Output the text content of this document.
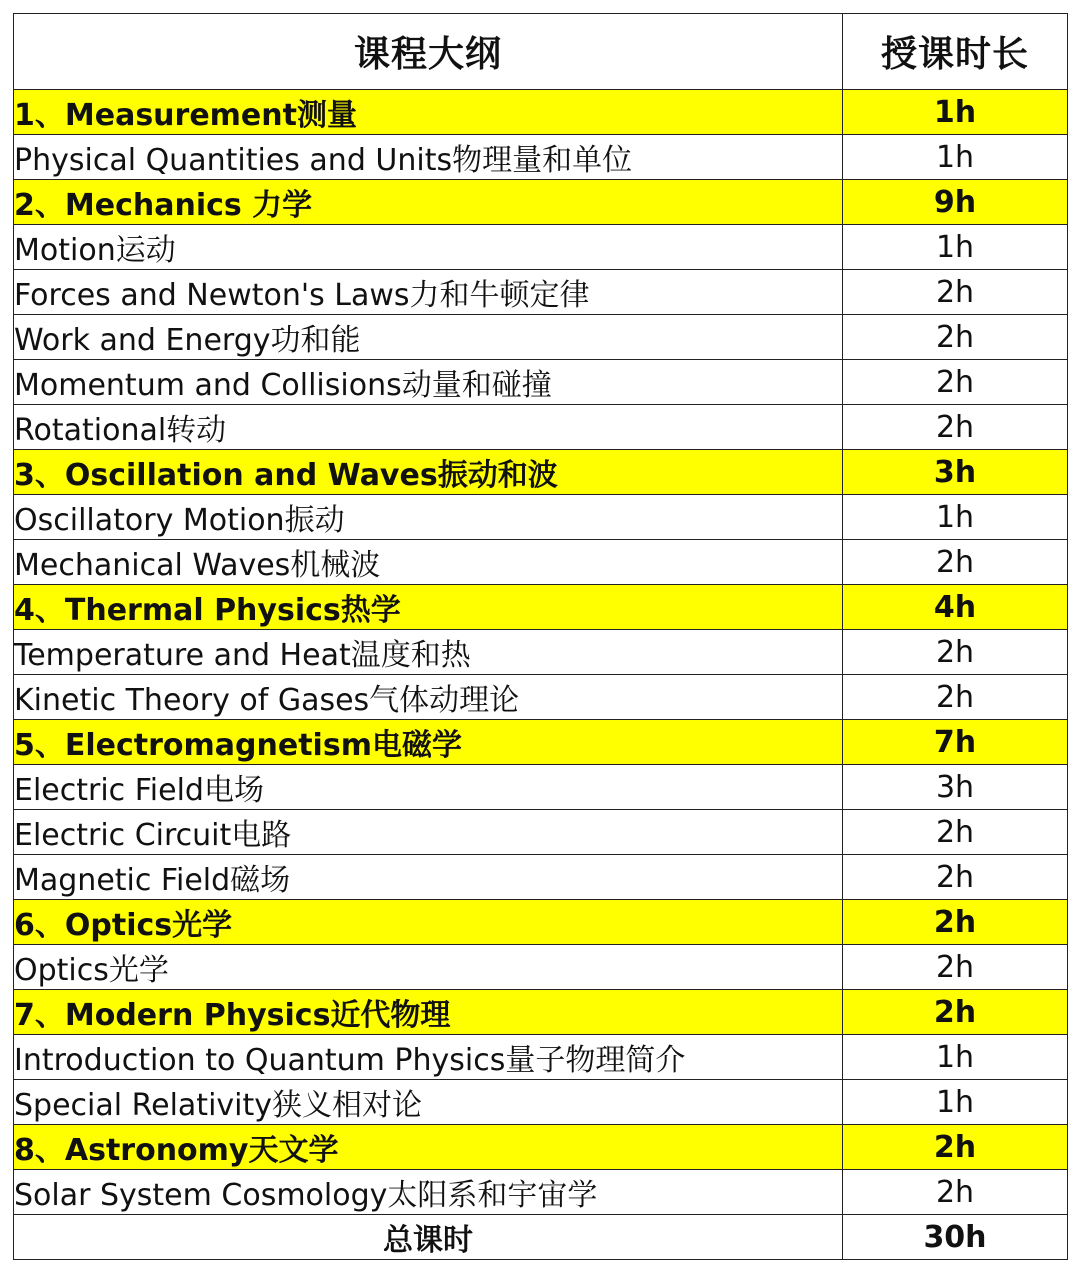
课程大纲	授课时长
1、Measurement测量	1h
Physical Quantities and Units物理量和单位	1h
2、Mechanics 力学	9h
Motion运动	1h
Forces and Newton's Laws力和牛顿定律	2h
Work and Energy功和能	2h
Momentum and Collisions动量和碰撞	2h
Rotational转动	2h
3、Oscillation and Waves振动和波	3h
Oscillatory Motion振动	1h
Mechanical Waves机械波	2h
4、Thermal Physics热学	4h
Temperature and Heat温度和热	2h
Kinetic Theory of Gases气体动理论	2h
5、Electromagnetism电磁学	7h
Electric Field电场	3h
Electric Circuit电路	2h
Magnetic Field磁场	2h
6、Optics光学	2h
Optics光学	2h
7、Modern Physics近代物理	2h
Introduction to Quantum Physics量子物理简介	1h
Special Relativity狭义相对论	1h
8、Astronomy天文学	2h
Solar System Cosmology太阳系和宇宙学	2h
总课时	30h
